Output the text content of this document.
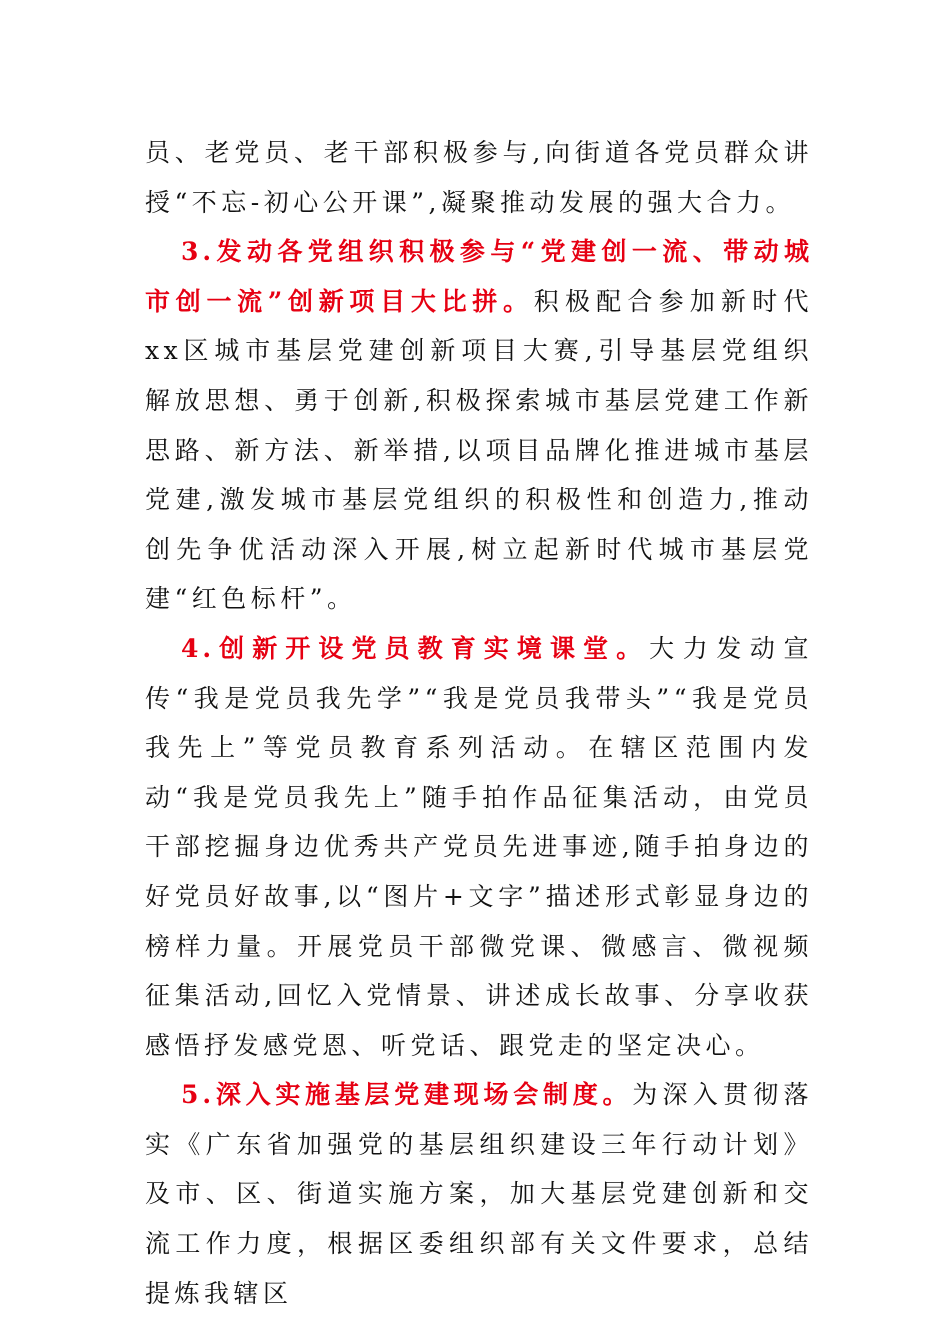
员、老党员、老干部积极参与,向街道各党员群众讲授“不忘-初心公开课”,凝聚推动发展的强大合力。

3.发动各党组织积极参与“党建创一流、带动城市创一流”创新项目大比拼。积极配合参加新时代xx区城市基层党建创新项目大赛,引导基层党组织解放思想、勇于创新,积极探索城市基层党建工作新思路、新方法、新举措,以项目品牌化推进城市基层党建,激发城市基层党组织的积极性和创造力,推动创先争优活动深入开展,树立起新时代城市基层党建“红色标杆”。

4.创新开设党员教育实境课堂。大力发动宣传“我是党员我先学”“我是党员我带头”“我是党员我先上”等党员教育系列活动。在辖区范围内发动“我是党员我先上”随手拍作品征集活动，由党员干部挖掘身边优秀共产党员先进事迹,随手拍身边的好党员好故事,以“图片+文字”描述形式彰显身边的榜样力量。开展党员干部微党课、微感言、微视频征集活动,回忆入党情景、讲述成长故事、分享收获感悟抒发感党恩、听党话、跟党走的坚定决心。

5.深入实施基层党建现场会制度。为深入贯彻落实《广东省加强党的基层组织建设三年行动计划》及市、区、街道实施方案，加大基层党建创新和交流工作力度，根据区委组织部有关文件要求，总结提炼我辖区
